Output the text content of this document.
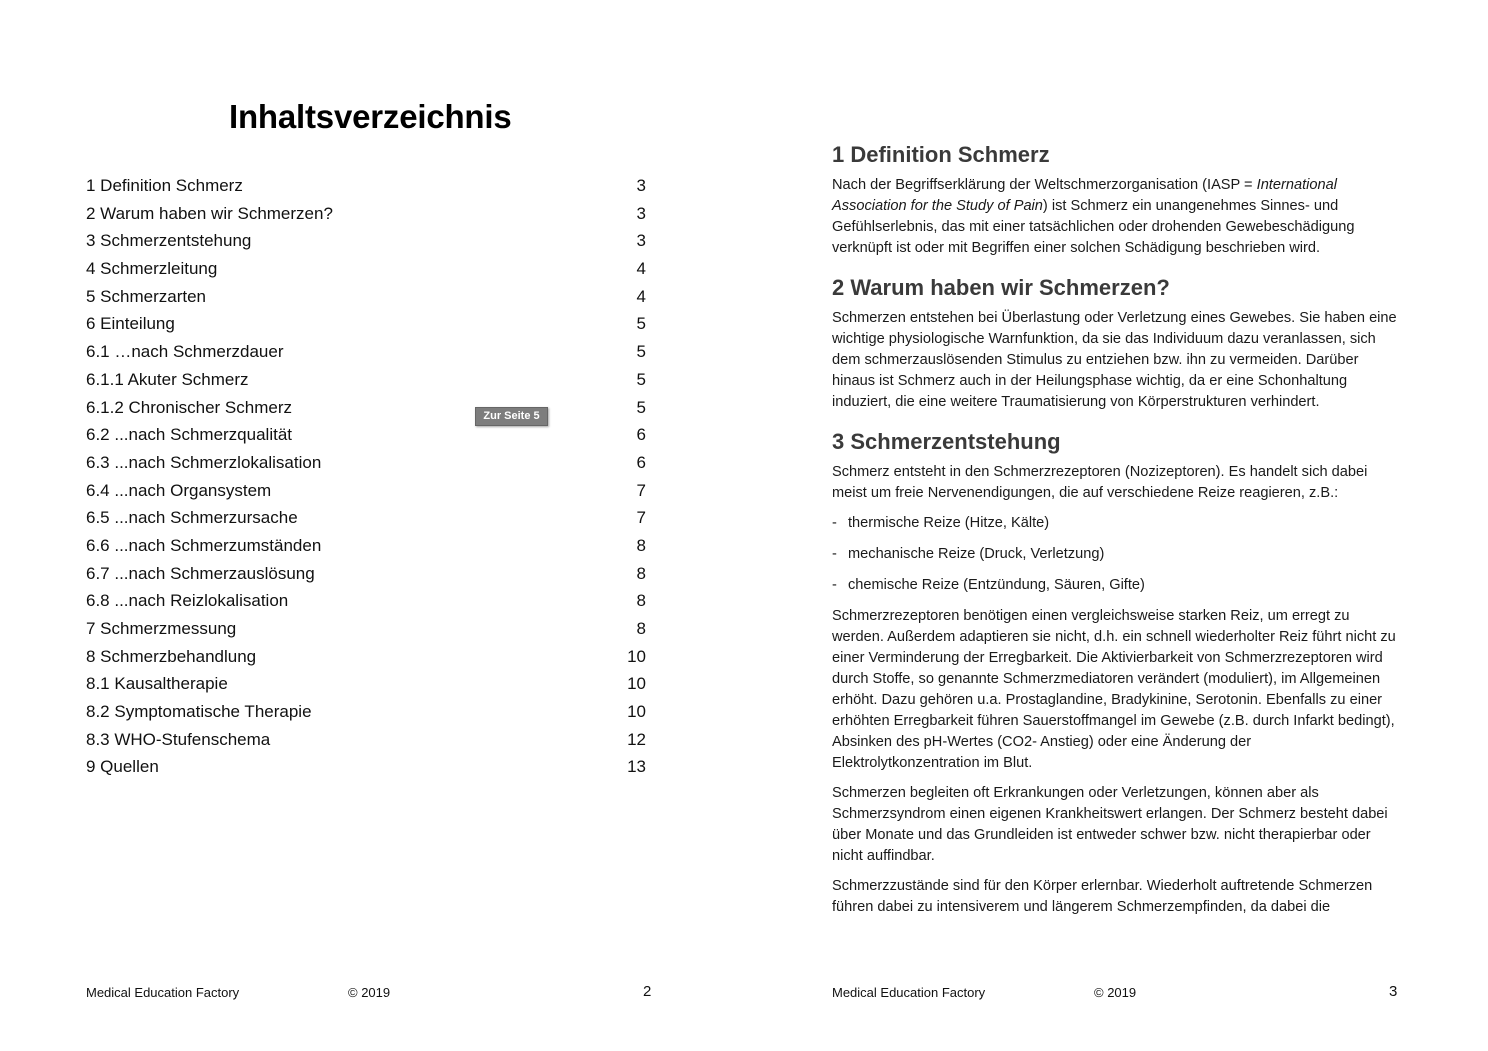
Inhaltsverzeichnis
1 Definition Schmerz	3
2 Warum haben wir Schmerzen?	3
3 Schmerzentstehung	3
4 Schmerzleitung	4
5 Schmerzarten	4
6 Einteilung	5
6.1 …nach Schmerzdauer	5
6.1.1 Akuter Schmerz	5
6.1.2 Chronischer Schmerz	5
6.2 ...nach Schmerzqualität	6
6.3 ...nach Schmerzlokalisation	6
6.4 ...nach Organsystem	7
6.5 ...nach Schmerzursache	7
6.6 ...nach Schmerzumständen	8
6.7 ...nach Schmerzauslösung	8
6.8 ...nach Reizlokalisation	8
7 Schmerzmessung	8
8 Schmerzbehandlung	10
8.1 Kausaltherapie	10
8.2 Symptomatische Therapie	10
8.3 WHO-Stufenschema	12
9 Quellen	13
Zur Seite 5
Medical Education Factory	© 2019	2
1 Definition Schmerz

Nach der Begriffserklärung der Weltschmerzorganisation (IASP = International Association for the Study of Pain) ist Schmerz ein unangenehmes Sinnes- und Gefühlserlebnis, das mit einer tatsächlichen oder drohenden Gewebeschädigung verknüpft ist oder mit Begriffen einer solchen Schädigung beschrieben wird.

2 Warum haben wir Schmerzen?

Schmerzen entstehen bei Überlastung oder Verletzung eines Gewebes. Sie haben eine wichtige physiologische Warnfunktion, da sie das Individuum dazu veranlassen, sich dem schmerzauslösenden Stimulus zu entziehen bzw. ihn zu vermeiden. Darüber hinaus ist Schmerz auch in der Heilungsphase wichtig, da er eine Schonhaltung induziert, die eine weitere Traumatisierung von Körperstrukturen verhindert.

3 Schmerzentstehung

Schmerz entsteht in den Schmerzrezeptoren (Nozizeptoren). Es handelt sich dabei meist um freie Nervenendigungen, die auf verschiedene Reize reagieren, z.B.:

- thermische Reize (Hitze, Kälte)
- mechanische Reize (Druck, Verletzung)
- chemische Reize (Entzündung, Säuren, Gifte)

Schmerzrezeptoren benötigen einen vergleichsweise starken Reiz, um erregt zu werden. Außerdem adaptieren sie nicht, d.h. ein schnell wiederholter Reiz führt nicht zu einer Verminderung der Erregbarkeit. Die Aktivierbarkeit von Schmerzrezeptoren wird durch Stoffe, so genannte Schmerzmediatoren verändert (moduliert), im Allgemeinen erhöht. Dazu gehören u.a. Prostaglandine, Bradykinine, Serotonin. Ebenfalls zu einer erhöhten Erregbarkeit führen Sauerstoffmangel im Gewebe (z.B. durch Infarkt bedingt), Absinken des pH-Wertes (CO2- Anstieg) oder eine Änderung der Elektrolytkonzentration im Blut.

Schmerzen begleiten oft Erkrankungen oder Verletzungen, können aber als Schmerzsyndrom einen eigenen Krankheitswert erlangen. Der Schmerz besteht dabei über Monate und das Grundleiden ist entweder schwer bzw. nicht therapierbar oder nicht auffindbar.

Schmerzzustände sind für den Körper erlernbar. Wiederholt auftretende Schmerzen führen dabei zu intensiverem und längerem Schmerzempfinden, da dabei die

Medical Education Factory	© 2019	3
